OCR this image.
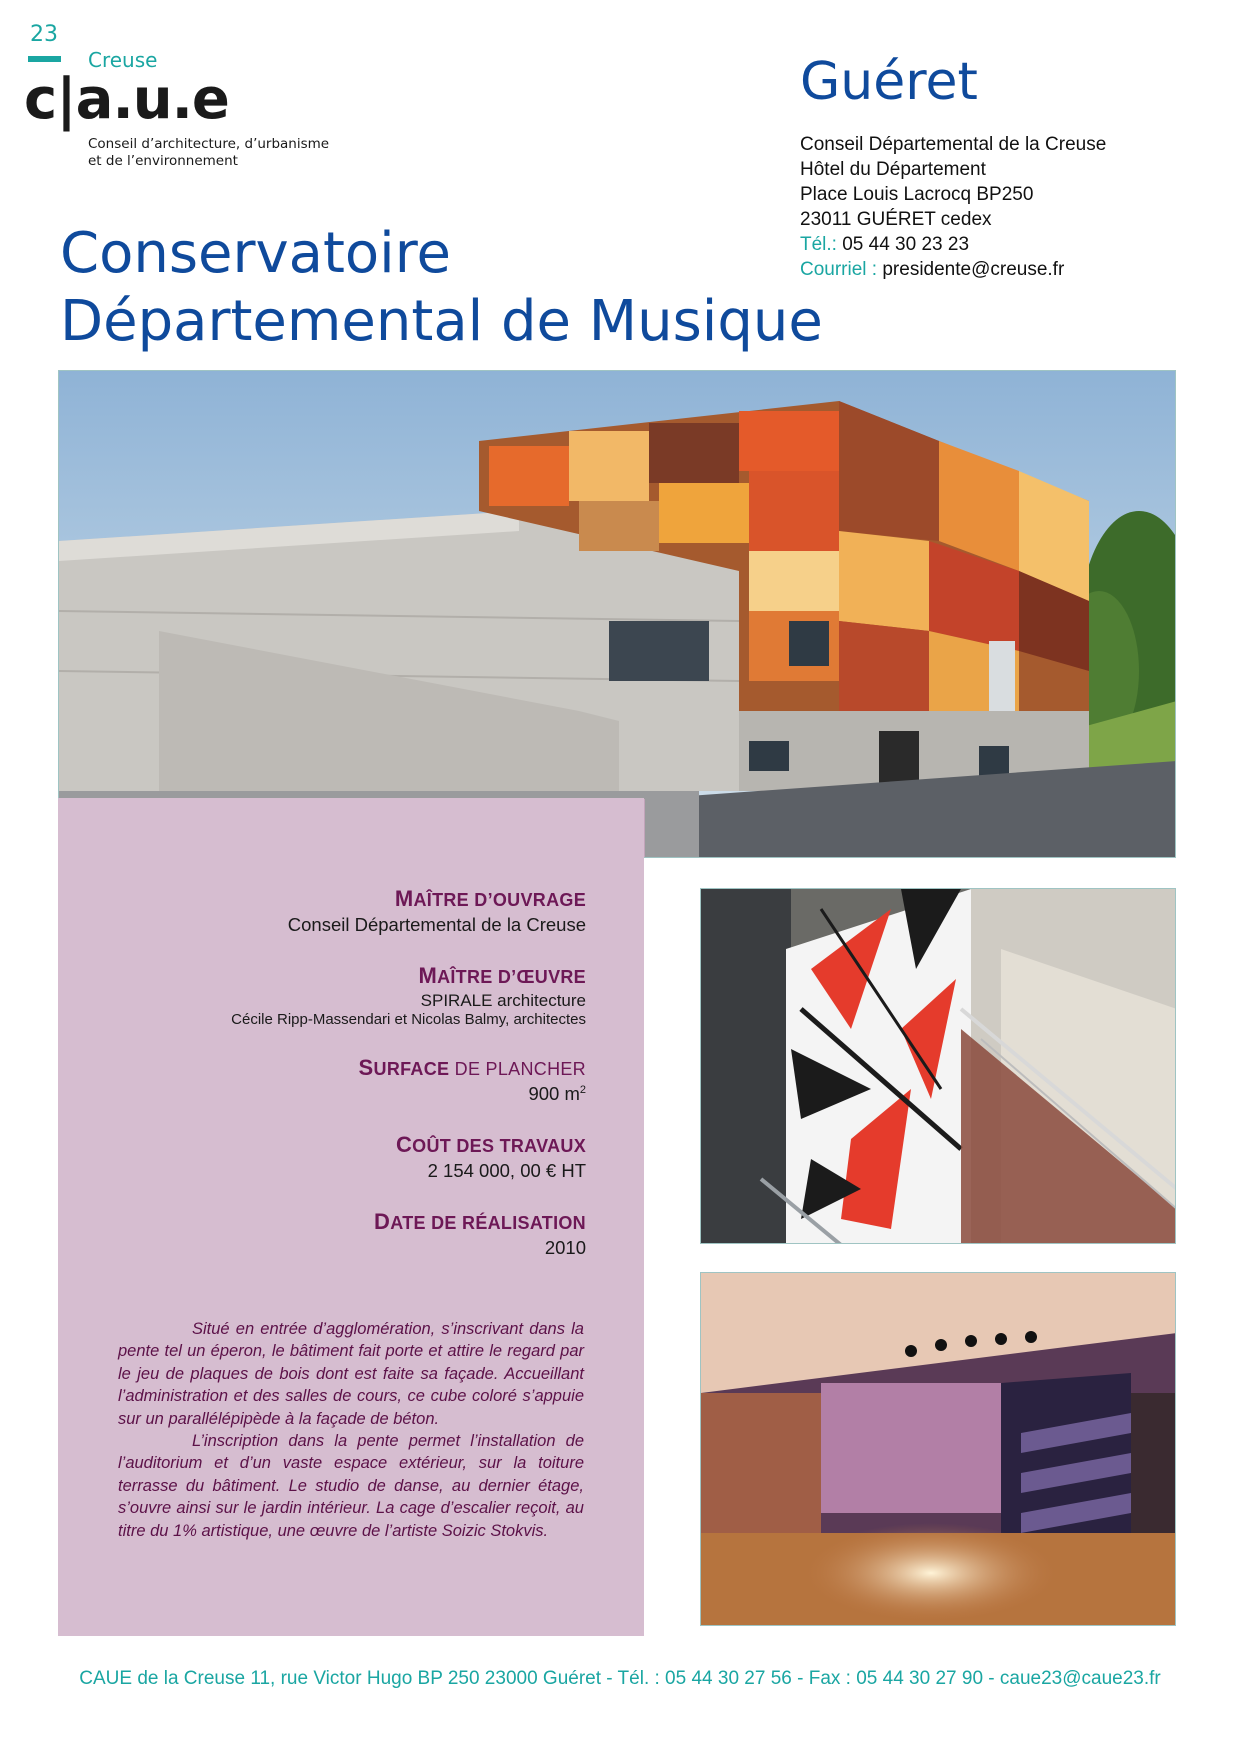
23
Creuse
c|a.u.e
Conseil d’architecture, d’urbanisme
et de l’environnement
Guéret
Conseil Départemental de la Creuse
Hôtel du Département
Place Louis Lacrocq BP250
23011 GUÉRET cedex
Tél.: 05 44 30 23 23
Courriel : presidente@creuse.fr
Conservatoire
Départemental de Musique
MAÎTRE D’OUVRAGE
Conseil Départemental de la Creuse
MAÎTRE D’ŒUVRE
SPIRALE architecture
Cécile Ripp-Massendari et Nicolas Balmy, architectes
SURFACE DE PLANCHER
900 $m^2$
COÛT DES TRAVAUX
2 154 000, 00 € HT
DATE DE RÉALISATION
2010

Situé en entrée d’agglomération, s’inscrivant dans la pente tel un éperon, le bâtiment fait porte et attire le regard par le jeu de plaques de bois dont est faite sa façade. Accueillant l’administration et des salles de cours, ce cube coloré s’appuie sur un parallélépipède à la façade de béton.

L’inscription dans la pente permet l’installation de l’auditorium et d’un vaste espace extérieur, sur la toiture terrasse du bâtiment. Le studio de danse, au dernier étage, s’ouvre ainsi sur le jardin intérieur. La cage d’escalier reçoit, au titre du 1% artistique, une œuvre de l’artiste Soizic Stokvis.

CAUE de la Creuse 11, rue Victor Hugo BP 250 23000 Guéret - Tél. : 05 44 30 27 56 - Fax : 05 44 30 27 90 - caue23@caue23.fr
